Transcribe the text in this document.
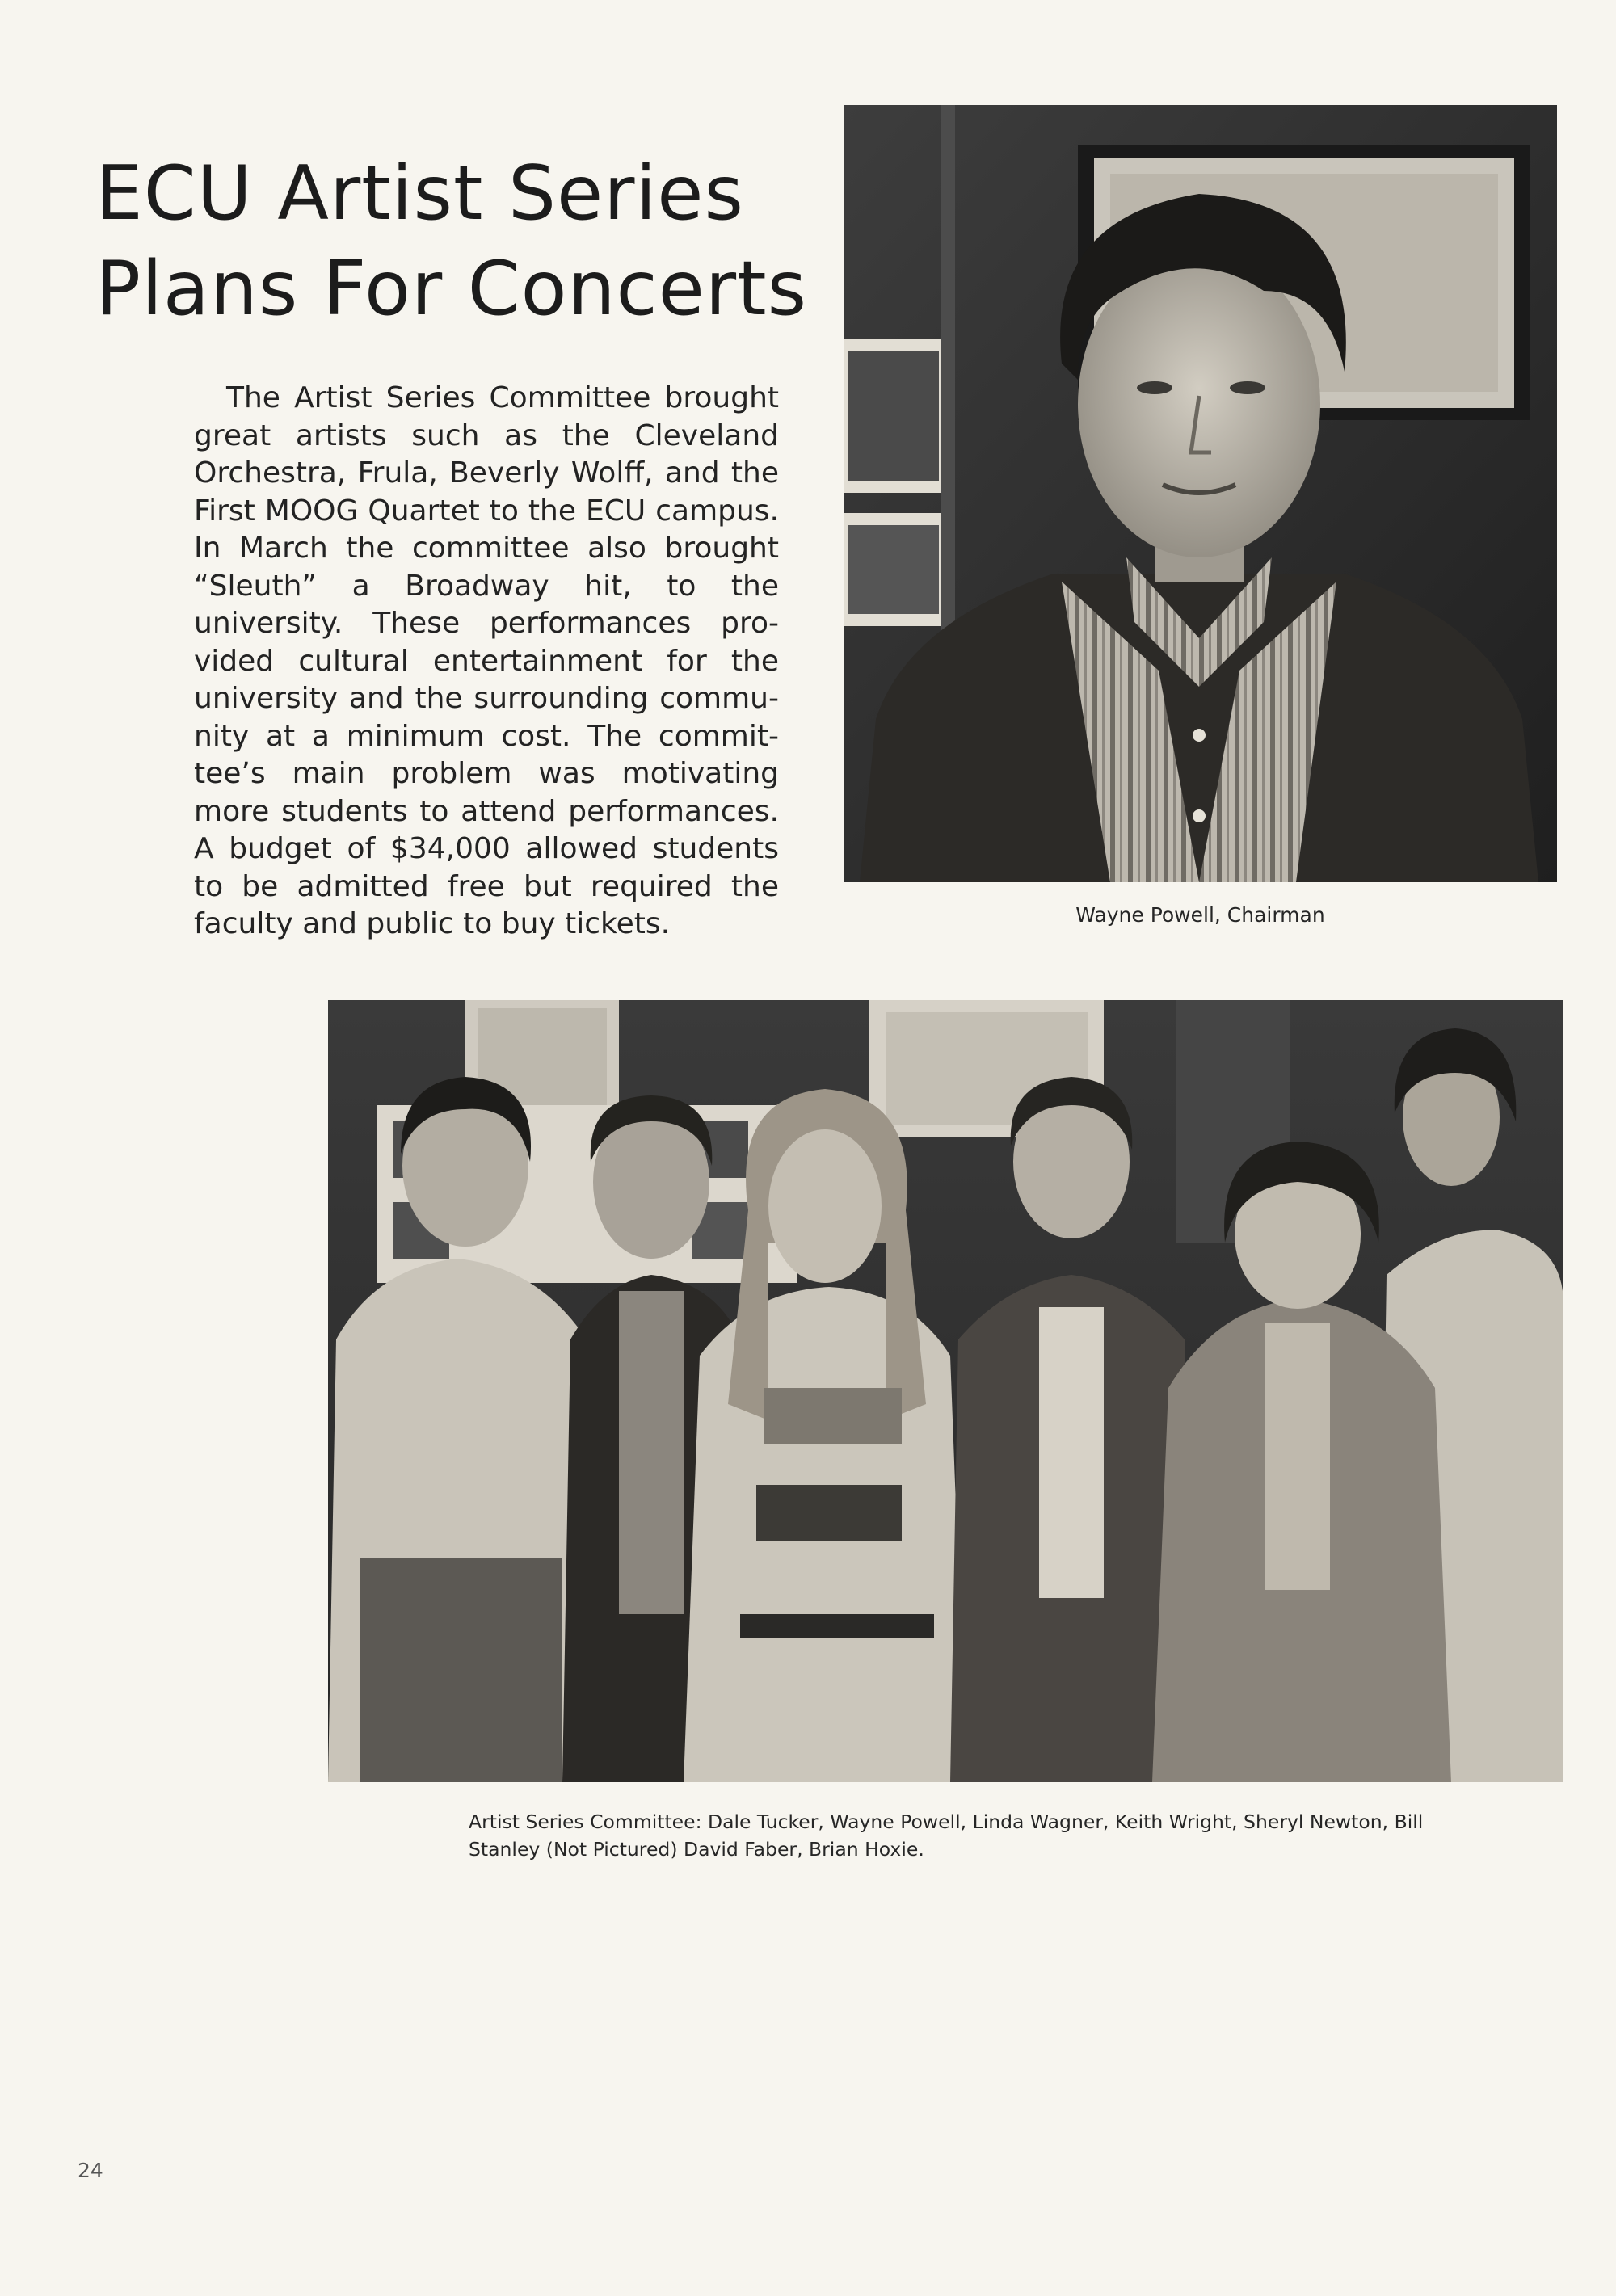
ECU Artist Series
Plans For Concerts

The Artist Series Committee brought great artists such as the Cleveland Orchestra, Frula, Beverly Wolff, and the First MOOG Quartet to the ECU campus. In March the committee also brought “Sleuth” a Broadway hit, to the university. These performances provided cultural entertainment for the university and the surrounding community at a minimum cost. The committee’s main problem was motivating more students to attend performances. A budget of $34,000 allowed students to be admitted free but required the faculty and public to buy tickets.	Wayne Powell, Chairman

Artist Series Committee: Dale Tucker, Wayne Powell, Linda Wagner, Keith Wright, Sheryl Newton, Bill Stanley (Not Pictured) David Faber, Brian Hoxie.

24
